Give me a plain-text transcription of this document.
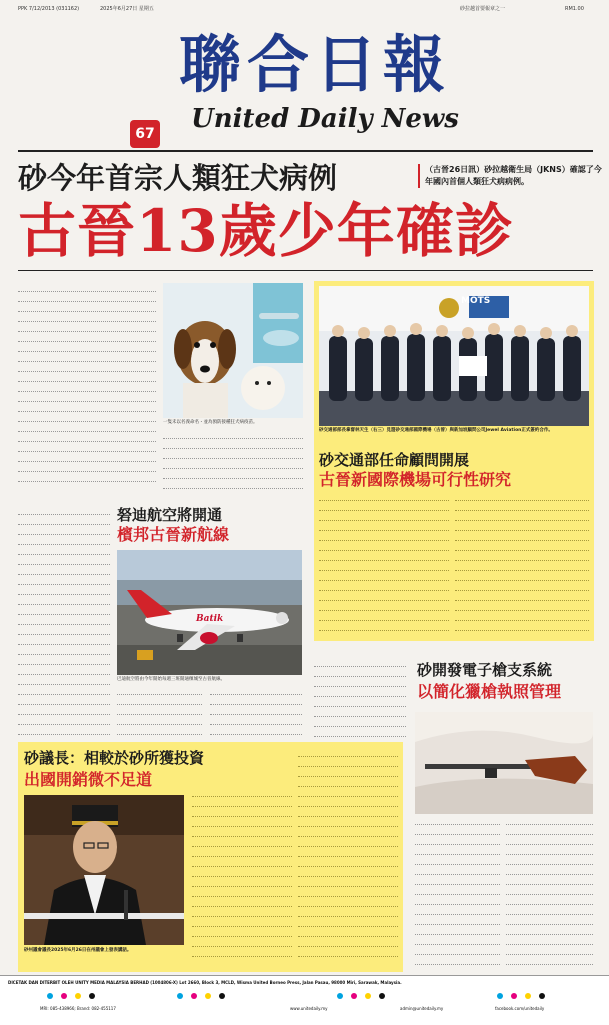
PPK 7/12/2013 (031162)	2025年6月27日 星期五	砂拉越首要報章之一	RM1.00
聯合日報
United Daily News
67
砂今年首宗人類狂犬病例
古晉13歲少年確診
（古晉26日訊）砂拉越衛生局（JKNS）確認了今年國內首個人類狂犬病病例。
一隻未以名義命名・並為預防接種狂犬病疫苗。
MOTS
砂交通部部長拿督林天生（右三）見證砂交通部國際機場（古晉）與新加坡顧問公司Jewel Aviation正式簽約合作。
砂交通部任命顧問開展
古晉新國際機場可行性研究
砮迪航空將開通
檳邦古晉新航線
Batik
巴迪航空將由今年開始每週三班開通檳城至古晉航線。
砂開發電子槍支系統
以簡化獵槍執照管理
砂議長：相較於砂所獲投資
出國開銷微不足道
砂州議會議長2025年6月26日在州議會上發表講話。
DICETAK DAN DITERBIT OLEH UNITY MEDIA MALAYSIA BERHAD (1004806-X) Lot 2660, Block 3, MCLD, Wisma United Borneo Press, Jalan Pasau, 98000 Miri, Sarawak, Malaysia.
MRI: 085-438966; Brand: 082-455117	www.unitedaily.my	admin@unitedaily.my	facebook.com/unitedaily
